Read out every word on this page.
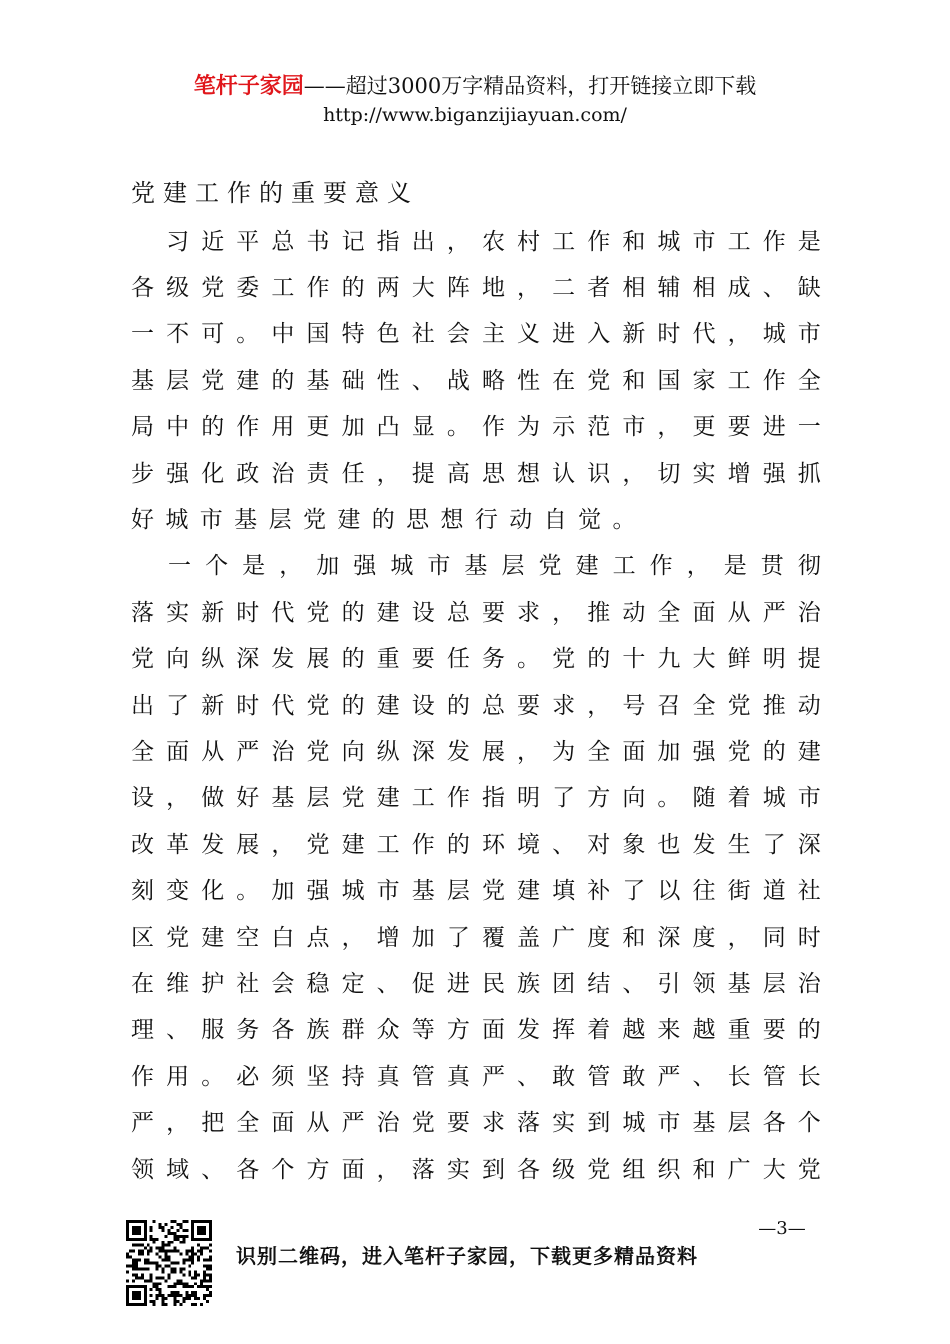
笔杆子家园——超过3000万字精品资料，打开链接立即下载
http://www.biganzijiayuan.com/
党建工作的重要意义

习 近 平 总 书 记 指 出 ， 农 村 工 作 和 城 市 工 作 是
各 级 党 委 工 作 的 两 大 阵 地 ， 二 者 相 辅 相 成 、 缺
一 不 可 。 中 国 特 色 社 会 主 义 进 入 新 时 代 ， 城 市
基 层 党 建 的 基 础 性 、 战 略 性 在 党 和 国 家 工 作 全
局 中 的 作 用 更 加 凸 显 。 作 为 示 范 市 ， 更 要 进 一
步 强 化 政 治 责 任 ， 提 高 思 想 认 识 ， 切 实 增 强 抓
好 城 市 基 层 党 建 的 思 想 行 动 自 觉 。

一 个 是 ， 加 强 城 市 基 层 党 建 工 作 ， 是 贯 彻
落 实 新 时 代 党 的 建 设 总 要 求 ， 推 动 全 面 从 严 治
党 向 纵 深 发 展 的 重 要 任 务 。 党 的 十 九 大 鲜 明 提
出 了 新 时 代 党 的 建 设 的 总 要 求 ， 号 召 全 党 推 动
全 面 从 严 治 党 向 纵 深 发 展 ， 为 全 面 加 强 党 的 建
设 ， 做 好 基 层 党 建 工 作 指 明 了 方 向 。 随 着 城 市
改 革 发 展 ， 党 建 工 作 的 环 境 、 对 象 也 发 生 了 深
刻 变 化 。 加 强 城 市 基 层 党 建 填 补 了 以 往 街 道 社
区 党 建 空 白 点 ， 增 加 了 覆 盖 广 度 和 深 度 ， 同 时
在 维 护 社 会 稳 定 、 促 进 民 族 团 结 、 引 领 基 层 治
理 、 服 务 各 族 群 众 等 方 面 发 挥 着 越 来 越 重 要 的
作 用 。 必 须 坚 持 真 管 真 严 、 敢 管 敢 严 、 长 管 长
严 ， 把 全 面 从 严 治 党 要 求 落 实 到 城 市 基 层 各 个
领 域 、 各 个 方 面 ， 落 实 到 各 级 党 组 织 和 广 大 党
—3—
识别二维码，进入笔杆子家园，下载更多精品资料
